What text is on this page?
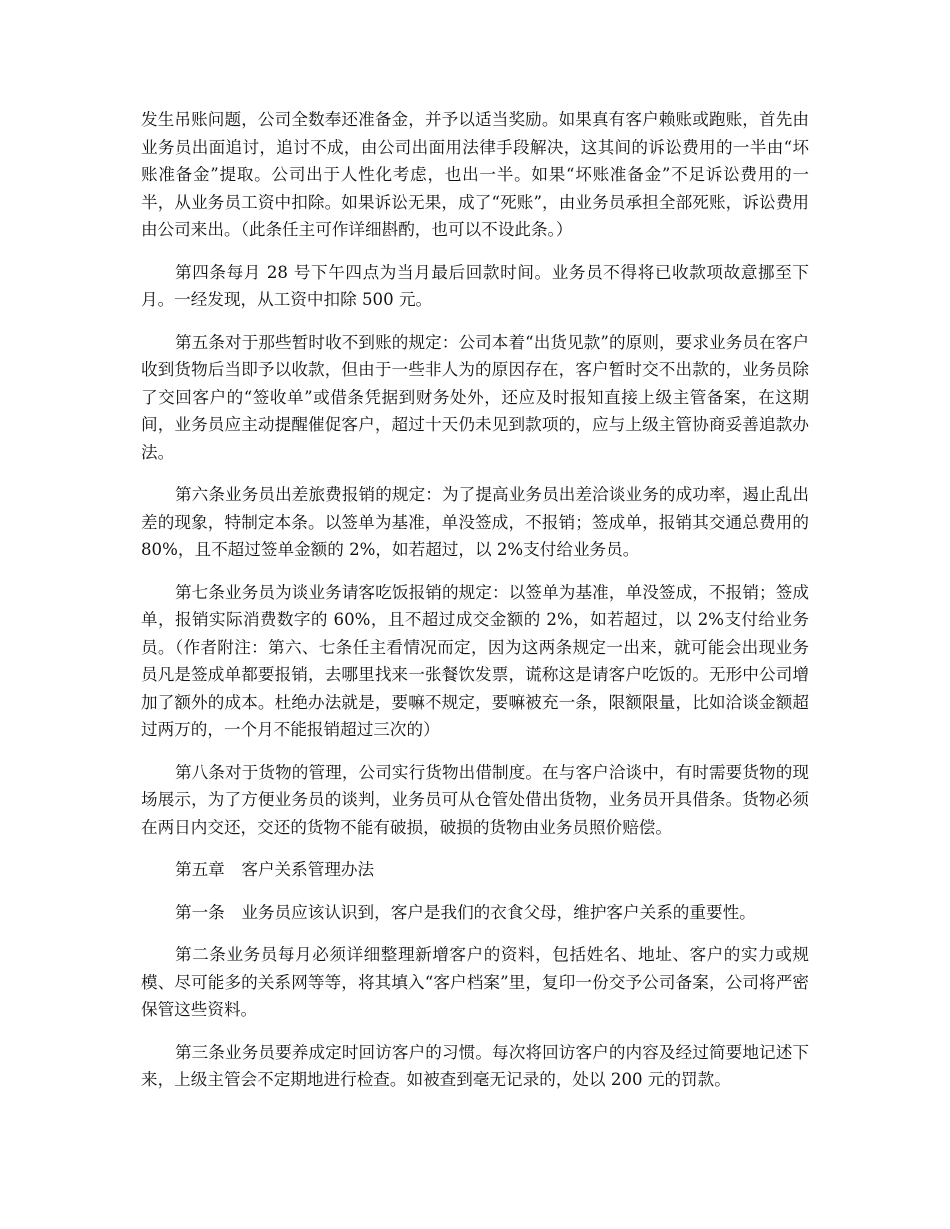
发生吊账问题，公司全数奉还准备金，并予以适当奖励。如果真有客户赖账或跑账，首先由业务员出面追讨，追讨不成，由公司出面用法律手段解决，这其间的诉讼费用的一半由“坏账准备金”提取。公司出于人性化考虑，也出一半。如果“坏账准备金”不足诉讼费用的一半，从业务员工资中扣除。如果诉讼无果，成了“死账”，由业务员承担全部死账，诉讼费用由公司来出。（此条任主可作详细斟酌，也可以不设此条。）

第四条每月 28 号下午四点为当月最后回款时间。业务员不得将已收款项故意挪至下月。一经发现，从工资中扣除 500 元。

第五条对于那些暂时收不到账的规定：公司本着“出货见款”的原则，要求业务员在客户收到货物后当即予以收款，但由于一些非人为的原因存在，客户暂时交不出款的，业务员除了交回客户的“签收单”或借条凭据到财务处外，还应及时报知直接上级主管备案，在这期间，业务员应主动提醒催促客户，超过十天仍未见到款项的，应与上级主管协商妥善追款办法。

第六条业务员出差旅费报销的规定：为了提高业务员出差洽谈业务的成功率，遏止乱出差的现象，特制定本条。以签单为基准，单没签成，不报销；签成单，报销其交通总费用的 80%，且不超过签单金额的 2%，如若超过，以 2%支付给业务员。

第七条业务员为谈业务请客吃饭报销的规定：以签单为基准，单没签成，不报销；签成单，报销实际消费数字的 60%，且不超过成交金额的 2%，如若超过，以 2%支付给业务员。（作者附注：第六、七条任主看情况而定，因为这两条规定一出来，就可能会出现业务员凡是签成单都要报销，去哪里找来一张餐饮发票，谎称这是请客户吃饭的。无形中公司增加了额外的成本。杜绝办法就是，要嘛不规定，要嘛被充一条，限额限量，比如洽谈金额超过两万的，一个月不能报销超过三次的）

第八条对于货物的管理，公司实行货物出借制度。在与客户洽谈中，有时需要货物的现场展示，为了方便业务员的谈判，业务员可从仓管处借出货物，业务员开具借条。货物必须在两日内交还，交还的货物不能有破损，破损的货物由业务员照价赔偿。

第五章　客户关系管理办法

第一条　业务员应该认识到，客户是我们的衣食父母，维护客户关系的重要性。

第二条业务员每月必须详细整理新增客户的资料，包括姓名、地址、客户的实力或规模、尽可能多的关系网等等，将其填入“客户档案”里，复印一份交予公司备案，公司将严密保管这些资料。

第三条业务员要养成定时回访客户的习惯。每次将回访客户的内容及经过简要地记述下来，上级主管会不定期地进行检查。如被查到毫无记录的，处以 200 元的罚款。
